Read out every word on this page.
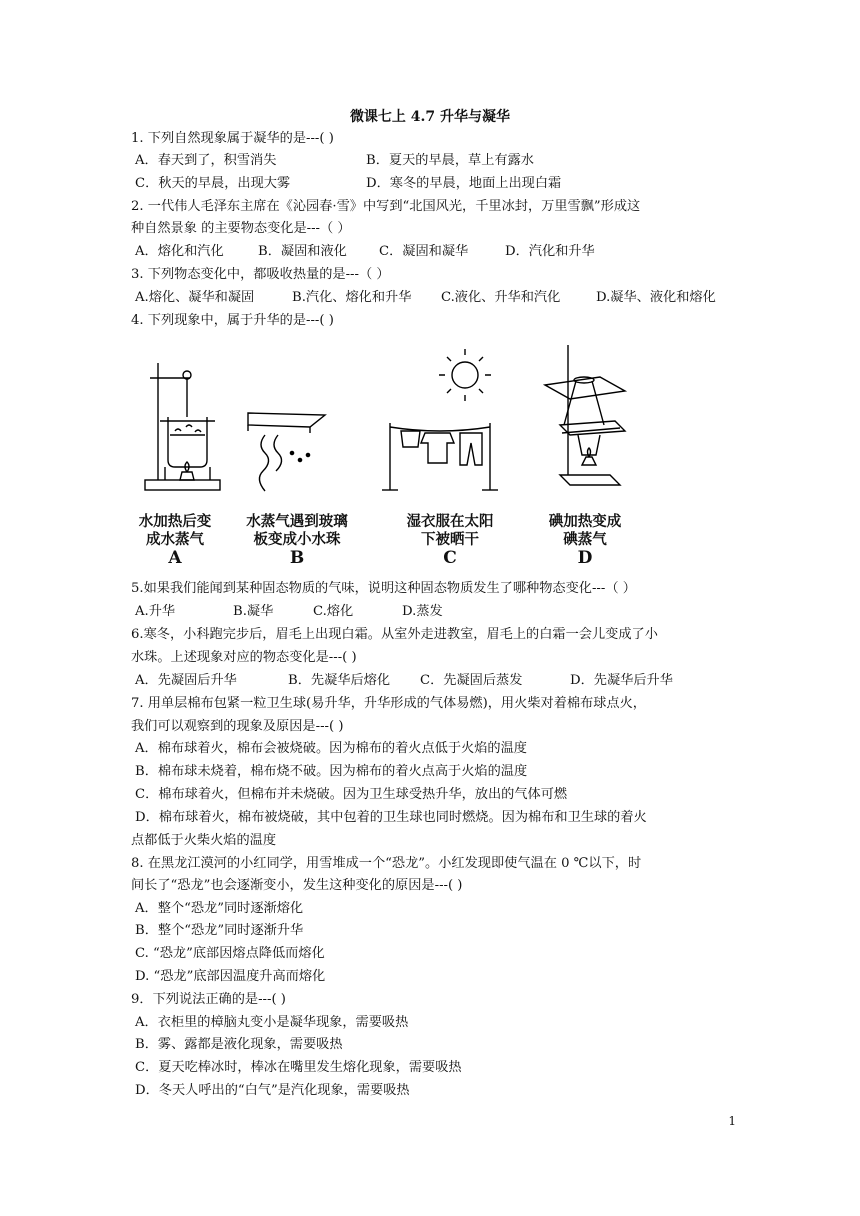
微课七上 4.7 升华与凝华
1. 下列自然现象属于凝华的是---( )
A．春天到了，积雪消失	B．夏天的早晨，草上有露水
C．秋天的早晨，出现大雾	D．寒冬的早晨，地面上出现白霜
2. 一代伟人毛泽东主席在《沁园春·雪》中写到“北国风光，千里冰封，万里雪飘”形成这
种自然景象 的主要物态变化是---（ ）
A．熔化和汽化	B．凝固和液化 C．凝固和凝华	D．汽化和升华
3. 下列物态变化中，都吸收热量的是---（ ）
A.熔化、凝华和凝固	B.汽化、熔化和升华 C.液化、升华和汽化	D.凝华、液化和熔化
4. 下列现象中，属于升华的是---( )
水加热后变
成水蒸气
A
水蒸气遇到玻璃
板变成小水珠
B
湿衣服在太阳
下被晒干
C
碘加热变成
碘蒸气
D
5.如果我们能闻到某种固态物质的气味，说明这种固态物质发生了哪种物态变化---（ ）
A.升华	B.凝华	C.熔化	D.蒸发
6.寒冬，小科跑完步后，眉毛上出现白霜。从室外走进教室，眉毛上的白霜一会儿变成了小
水珠。上述现象对应的物态变化是---( )
A．先凝固后升华	B．先凝华后熔化 C．先凝固后蒸发	D．先凝华后升华
7. 用单层棉布包紧一粒卫生球(易升华，升华形成的气体易燃)，用火柴对着棉布球点火，
我们可以观察到的现象及原因是---( )
A．棉布球着火，棉布会被烧破。因为棉布的着火点低于火焰的温度
B．棉布球未烧着，棉布烧不破。因为棉布的着火点高于火焰的温度
C．棉布球着火，但棉布并未烧破。因为卫生球受热升华，放出的气体可燃
D．棉布球着火，棉布被烧破，其中包着的卫生球也同时燃烧。因为棉布和卫生球的着火
点都低于火柴火焰的温度
8. 在黑龙江漠河的小红同学，用雪堆成一个“恐龙”。小红发现即使气温在 0 ℃以下，时
间长了“恐龙”也会逐渐变小，发生这种变化的原因是---( )
A．整个“恐龙”同时逐渐熔化
B．整个“恐龙”同时逐渐升华
C. “恐龙”底部因熔点降低而熔化
D. “恐龙”底部因温度升高而熔化
9．下列说法正确的是---( )
A．衣柜里的樟脑丸变小是凝华现象，需要吸热
B．雾、露都是液化现象，需要吸热
C．夏天吃棒冰时，棒冰在嘴里发生熔化现象，需要吸热
D．冬天人呼出的“白气”是汽化现象，需要吸热
1
